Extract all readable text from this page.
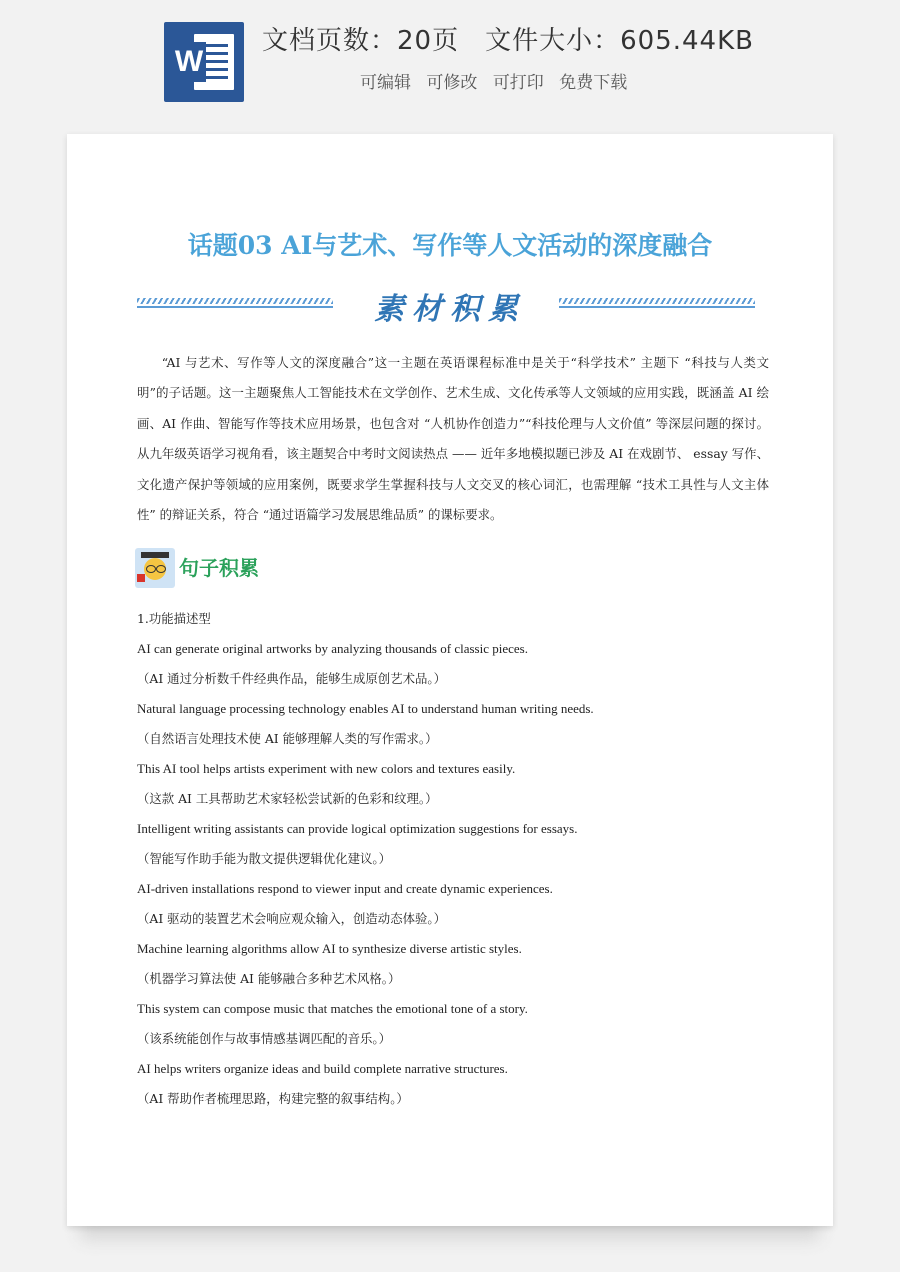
W
文档页数：20页 文件大小：605.44KB
可编辑 可修改 可打印 免费下载
话题03 AI与艺术、写作等人文活动的深度融合
素材积累

“AI 与艺术、写作等人文的深度融合”这一主题在英语课程标准中是关于“科学技术” 主题下 “科技与人类文明”的子话题。这一主题聚焦人工智能技术在文学创作、艺术生成、文化传承等人文领域的应用实践，既涵盖 AI 绘画、AI 作曲、智能写作等技术应用场景，也包含对 “人机协作创造力”“科技伦理与人文价值” 等深层问题的探讨。从九年级英语学习视角看，该主题契合中考时文阅读热点 —— 近年多地模拟题已涉及 AI 在戏剧节、 essay 写作、文化遗产保护等领域的应用案例，既要求学生掌握科技与人文交叉的核心词汇，也需理解 “技术工具性与人文主体性” 的辩证关系，符合 “通过语篇学习发展思维品质” 的课标要求。

句子积累
1.功能描述型
AI can generate original artworks by analyzing thousands of classic pieces.
（AI 通过分析数千件经典作品，能够生成原创艺术品。）
Natural language processing technology enables AI to understand human writing needs.
（自然语言处理技术使 AI 能够理解人类的写作需求。）
This AI tool helps artists experiment with new colors and textures easily.
（这款 AI 工具帮助艺术家轻松尝试新的色彩和纹理。）
Intelligent writing assistants can provide logical optimization suggestions for essays.
（智能写作助手能为散文提供逻辑优化建议。）
AI-driven installations respond to viewer input and create dynamic experiences.
（AI 驱动的装置艺术会响应观众输入，创造动态体验。）
Machine learning algorithms allow AI to synthesize diverse artistic styles.
（机器学习算法使 AI 能够融合多种艺术风格。）
This system can compose music that matches the emotional tone of a story.
（该系统能创作与故事情感基调匹配的音乐。）
AI helps writers organize ideas and build complete narrative structures.
（AI 帮助作者梳理思路，构建完整的叙事结构。）
